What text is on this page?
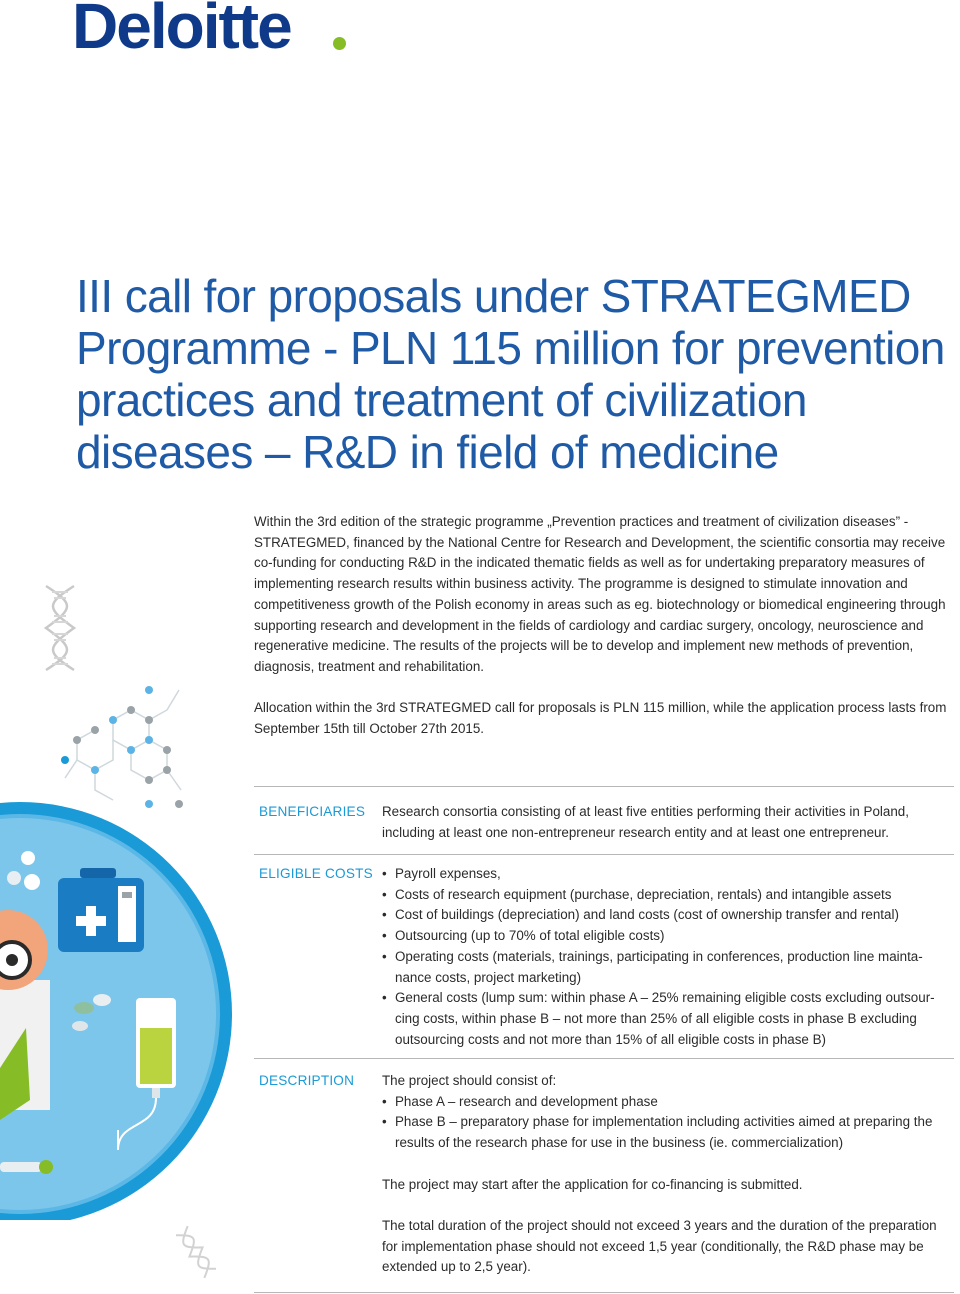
Deloitte
III call for proposals under STRATEGMED Programme - PLN 115 million for prevention practices and treatment of civilization diseases – R&D in field of medicine

Within the 3rd edition of the strategic programme „Prevention practices and treatment of civilization diseases” - STRATEGMED, financed by the National Centre for Research and Development, the scientific consortia may receive co-funding for conducting R&D in the indicated thematic fields as well as for undertaking preparatory measures of implementing research results within business activity. The programme is designed to stimulate innovation and competitiveness growth of the Polish economy in areas such as eg. biotechnology or biomedical engineering through supporting research and development in the fields of cardiology and cardiac surgery, oncology, neuroscience and regenerative medicine. The results of the projects will be to develop and implement new methods of prevention, diagnosis, treatment and rehabilitation.

Allocation within the 3rd STRATEGMED call for proposals is PLN 115 million, while the application process lasts from September 15th till October 27th 2015.

BENEFICIARIES Research consortia consisting of at least five entities performing their activities in Poland, including at least one non-entrepreneur research entity and at least one entrepreneur.
ELIGIBLE COSTS
•	Payroll expenses,
• Costs of research equipment (purchase, depreciation, rentals) and intangible assets
• Cost of buildings (depreciation) and land costs (cost of ownership transfer and rental)
• Outsourcing (up to 70% of total eligible costs)
• Operating costs (materials, trainings, participating in conferences, production line mainta-nance costs, project marketing)
• General costs (lump sum: within phase A – 25% remaining eligible costs excluding outsour-cing costs, within phase B – not more than 25% of all eligible costs in phase B excluding outsourcing costs and not more than 15% of all eligible costs in phase B)
DESCRIPTION The project should consist of:

• Phase A – research and development phase
• Phase B – preparatory phase for implementation including activities aimed at preparing the results of the research phase for use in the business (ie. commercialization)

The project may start after the application for co-financing is submitted.

The total duration of the project should not exceed 3 years and the duration of the preparation for implementation phase should not exceed 1,5 year (conditionally, the R&D phase may be extended up to 2,5 year).
